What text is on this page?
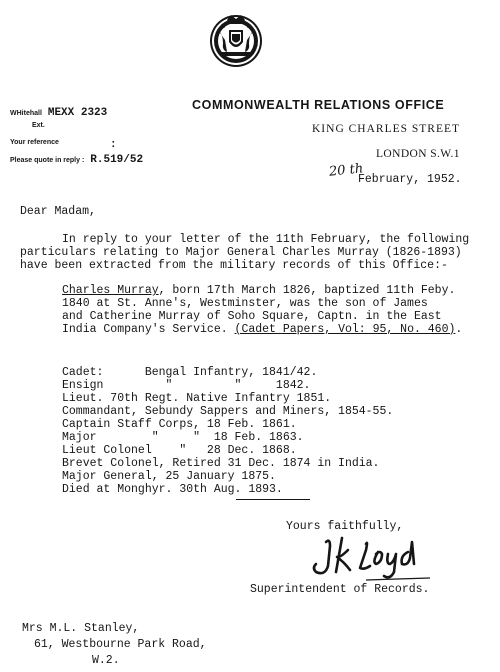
WHitehall MEXX 2323
Ext.
Your reference	:
Please quote in reply : R.519/52
COMMONWEALTH RELATIONS OFFICE
KING CHARLES STREET
LONDON S.W.1
20 th
February, 1952.
Dear Madam,
In reply to your letter of the 11th February, the following
particulars relating to Major General Charles Murray (1826-1893)
have been extracted from the military records of this Office:-
Charles Murray, born 17th March 1826, baptized 11th Feby.
1840 at St. Anne's, Westminster, was the son of James
and Catherine Murray of Soho Square, Captn. in the East
India Company's Service. (Cadet Papers, Vol: 95, No. 460).
Cadet:      Bengal Infantry, 1841/42.
Ensign         "         "     1842.
Lieut. 70th Regt. Native Infantry 1851.
Commandant, Sebundy Sappers and Miners, 1854-55.
Captain Staff Corps, 18 Feb. 1861.
Major        "     "  18 Feb. 1863.
Lieut Colonel    "   28 Dec. 1868.
Brevet Colonel, Retired 31 Dec. 1874 in India.
Major General, 25 January 1875.
Died at Monghyr. 30th Aug. 1893.
Yours faithfully,
Superintendent of Records.
Mrs M.L. Stanley,
61, Westbourne Park Road,
W.2.
